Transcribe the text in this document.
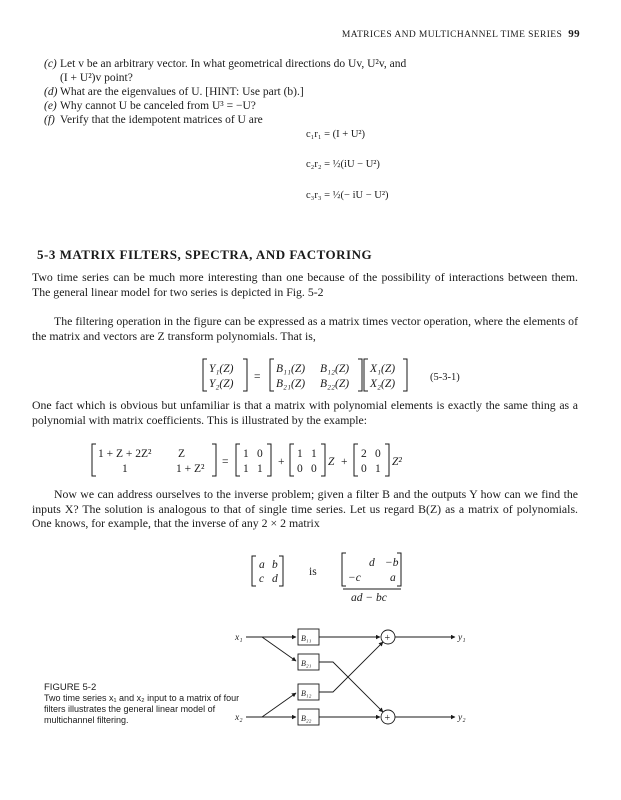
MATRICES AND MULTICHANNEL TIME SERIES 99
(c) Let v be an arbitrary vector. In what geometrical directions do Uv, U²v, and
(I + U²)v point?
(d) What are the eigenvalues of U. [HINT: Use part (b).]
(e) Why cannot U be canceled from U³ = −U?
(f) Verify that the idempotent matrices of U are
c₁r₁ = (I + U²)
c₂r₂ = ½(iU − U²)
c₃r₃ = ½(− iU − U²)
5-3 MATRIX FILTERS, SPECTRA, AND FACTORING
Two time series can be much more interesting than one because of the possibility of interactions between them. The general linear model for two series is depicted in Fig. 5-2
The filtering operation in the figure can be expressed as a matrix times vector operation, where the elements of the matrix and vectors are Z transform polynomials. That is,
One fact which is obvious but unfamiliar is that a matrix with polynomial elements is exactly the same thing as a polynomial with matrix coefficients. This is illustrated by the example:
Now we can address ourselves to the inverse problem; given a filter B and the outputs Y how can we find the inputs X? The solution is analogous to that of single time series. Let us regard B(Z) as a matrix of polynomials. One knows, for example, that the inverse of any 2 × 2 matrix
FIGURE 5-2
Two time series x₁ and x₂ input to a matrix of four filters illustrates the general linear model of multichannel filtering.
Y₁(Z)
Y₂(Z)
=
B₁₁(Z) B₁₂(Z)
B₂₁(Z) B₂₂(Z)
X₁(Z)
X₂(Z)
(5-3-1)
1 + Z + 2Z² Z
1	1 + Z²
=
1 0
1 1
+
1 1
0 0
Z +
2 0
0 1
Z²
a b
c d
is
d −b
−c	a
ad − bc
x₁
x₂
y₁
y₂
B₁₁
B₂₁
B₁₂
B₂₂
+
+
